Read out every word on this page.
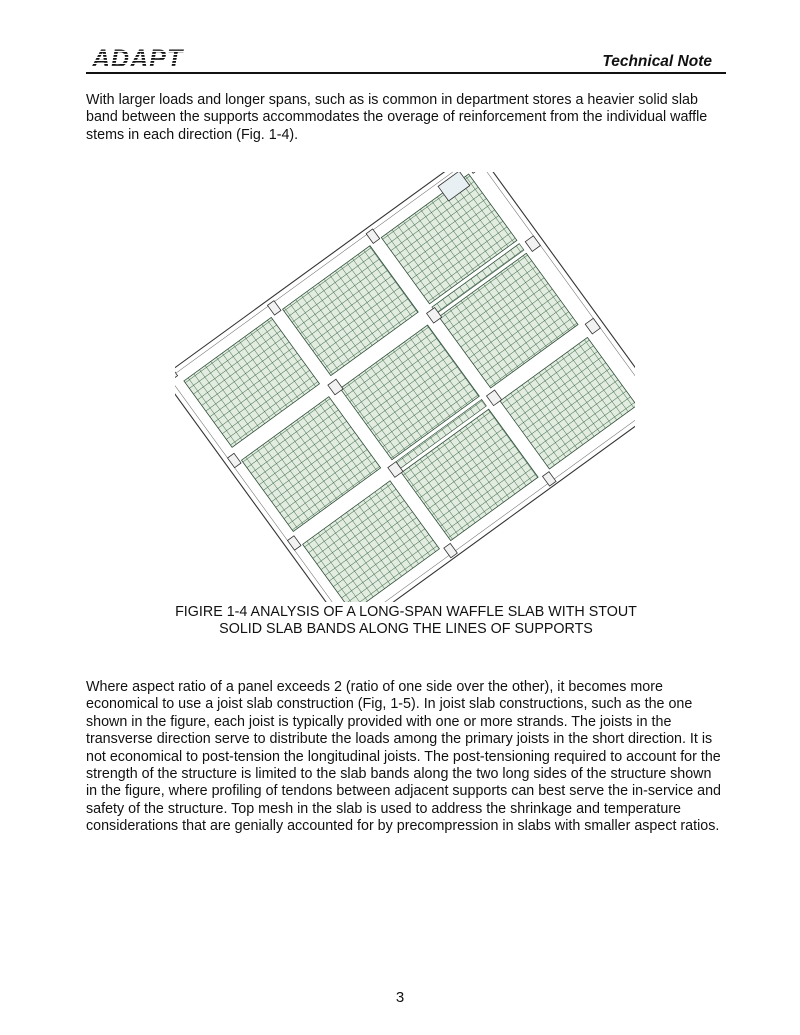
ADAPT	Technical Note

With larger loads and longer spans, such as is common in department stores a heavier solid slab band between the supports accommodates the overage of reinforcement from the individual waffle stems in each direction (Fig. 1-4).

FIGIRE 1-4 ANALYSIS OF A LONG-SPAN WAFFLE SLAB WITH STOUT
SOLID SLAB BANDS ALONG THE LINES OF SUPPORTS

Where aspect ratio of a panel exceeds 2 (ratio of one side over the other), it becomes more economical to use a joist slab construction (Fig, 1-5). In joist slab constructions, such as the one shown in the figure, each joist is typically provided with one or more strands. The joists in the transverse direction serve to distribute the loads among the primary joists in the short direction. It is not economical to post-tension the longitudinal joists. The post-tensioning required to account for the strength of the structure is limited to the slab bands along the two long sides of the structure shown in the figure, where profiling of tendons between adjacent supports can best serve the in-service and safety of the structure. Top mesh in the slab is used to address the shrinkage and temperature considerations that are genially accounted for by precompression in slabs with smaller aspect ratios.

3
